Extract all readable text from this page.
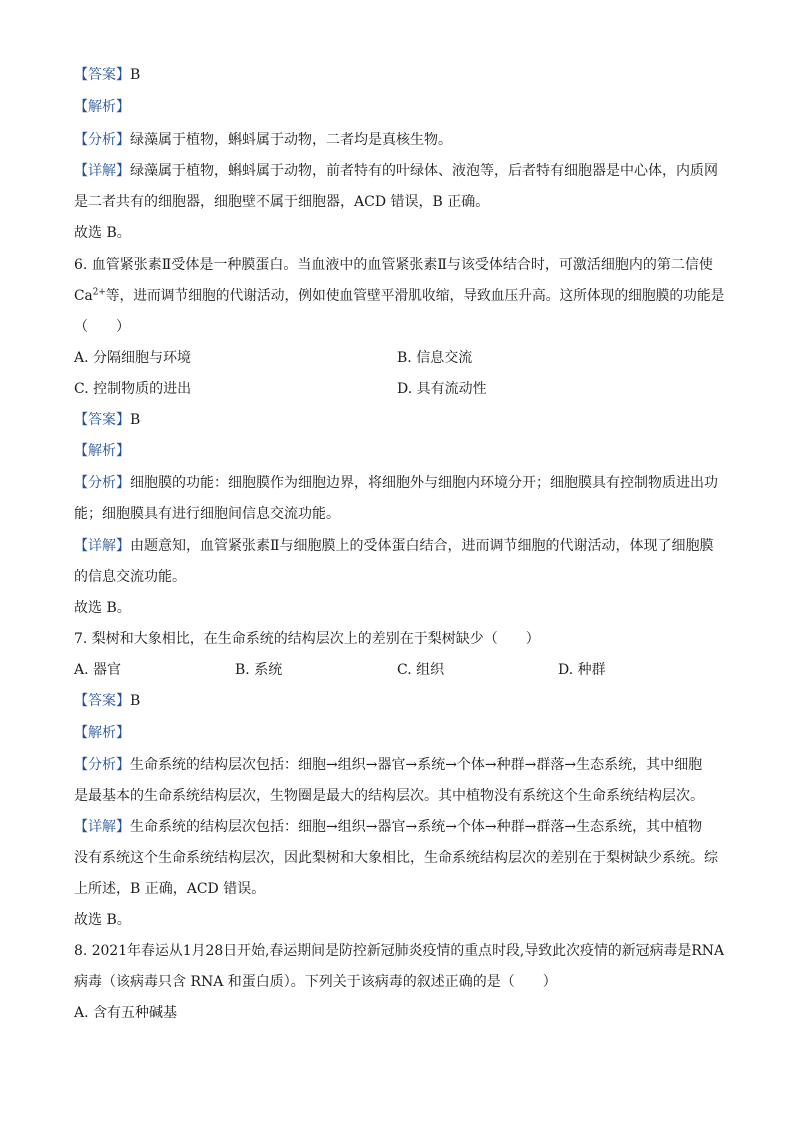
【答案】B
【解析】
【分析】绿藻属于植物，蝌蚪属于动物，二者均是真核生物。
【详解】绿藻属于植物，蝌蚪属于动物，前者特有的叶绿体、液泡等，后者特有细胞器是中心体，内质网
是二者共有的细胞器，细胞壁不属于细胞器，ACD 错误，B 正确。
故选 B。
6. 血管紧张素Ⅱ受体是一种膜蛋白。当血液中的血管紧张素Ⅱ与该受体结合时，可激活细胞内的第二信使
$Ca^{2+}$等，进而调节细胞的代谢活动，例如使血管壁平滑肌收缩，导致血压升高。这所体现的细胞膜的功能是
（　　）
A. 分隔细胞与环境	B. 信息交流
C. 控制物质的进出	D. 具有流动性
【答案】B
【解析】
【分析】细胞膜的功能：细胞膜作为细胞边界，将细胞外与细胞内环境分开；细胞膜具有控制物质进出功
能；细胞膜具有进行细胞间信息交流功能。
【详解】由题意知，血管紧张素Ⅱ与细胞膜上的受体蛋白结合，进而调节细胞的代谢活动，体现了细胞膜
的信息交流功能。
故选 B。
7. 梨树和大象相比，在生命系统的结构层次上的差别在于梨树缺少（　　）
A. 器官	B. 系统	C. 组织	D. 种群
【答案】B
【解析】
【分析】生命系统的结构层次包括：细胞→组织→器官→系统→个体→种群→群落→生态系统，其中细胞
是最基本的生命系统结构层次，生物圈是最大的结构层次。其中植物没有系统这个生命系统结构层次。
【详解】生命系统的结构层次包括：细胞→组织→器官→系统→个体→种群→群落→生态系统，其中植物
没有系统这个生命系统结构层次，因此梨树和大象相比，生命系统结构层次的差别在于梨树缺少系统。综
上所述，B 正确，ACD 错误。
故选 B。
8. 2021年春运从1月28日开始,春运期间是防控新冠肺炎疫情的重点时段,导致此次疫情的新冠病毒是RNA
病毒（该病毒只含 RNA 和蛋白质）。下列关于该病毒的叙述正确的是（　　）
A. 含有五种碱基
